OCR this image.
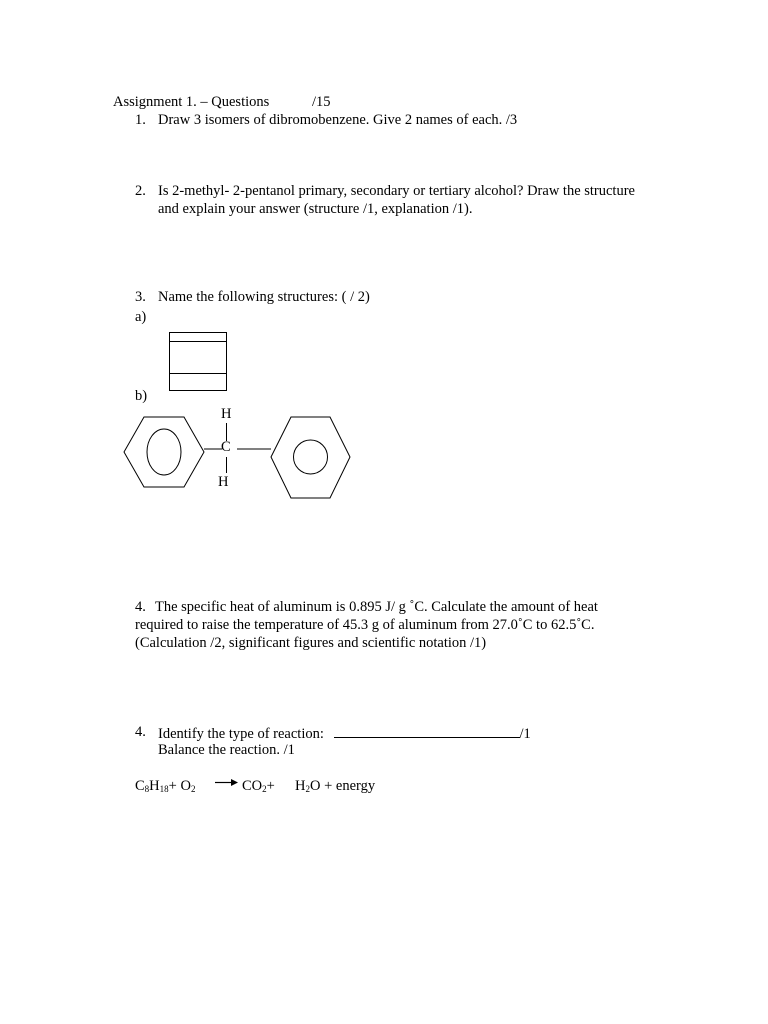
Assignment 1. – Questions	/15
1. Draw 3 isomers of dibromobenzene. Give 2 names of each. /3
2. Is 2-methyl- 2-pentanol primary, secondary or tertiary alcohol? Draw the structure
and explain your answer (structure /1, explanation /1).
3. Name the following structures: ( / 2)
a)
b)
H
C
H
4. The specific heat of aluminum is 0.895 J/ g ˚C. Calculate the amount of heat
required to raise the temperature of 45.3 g of aluminum from 27.0˚C to 62.5˚C.
(Calculation /2, significant figures and scientific notation /1)
4. Identify the type of reaction:	/1
Balance the reaction. /1
$C_8H_{18}+ O_2$	$CO_2+ H_2O$ + energy
